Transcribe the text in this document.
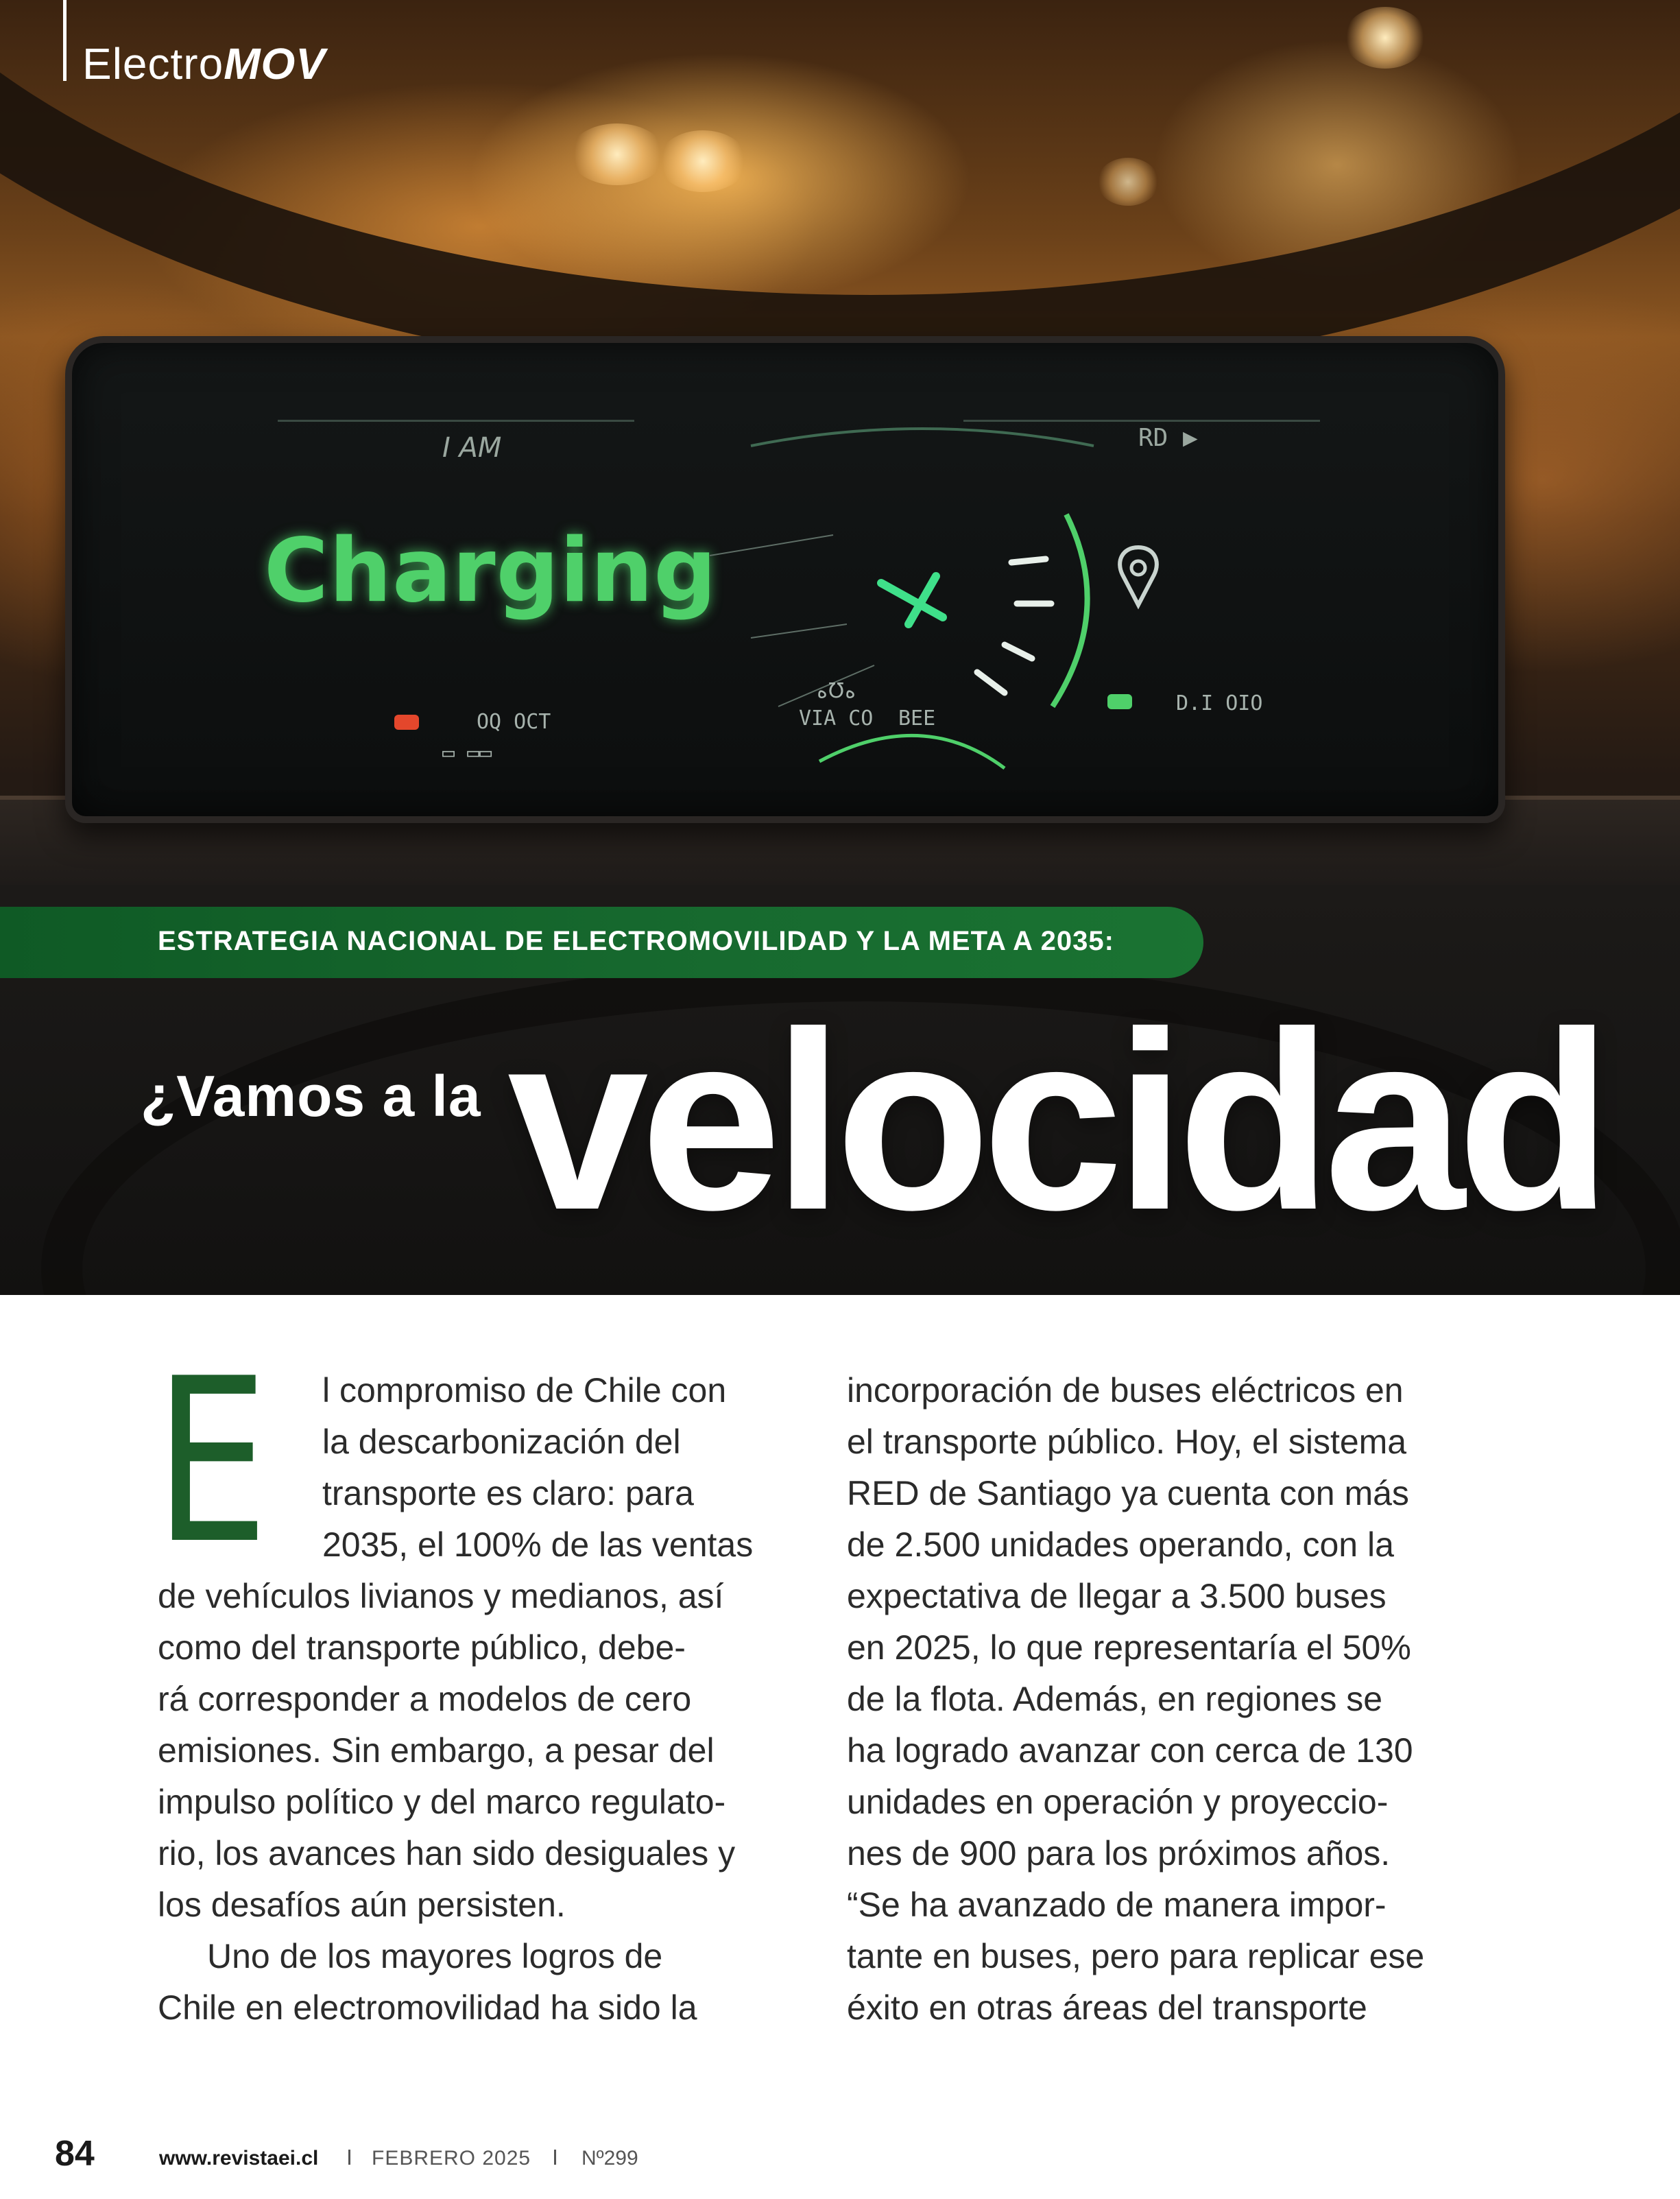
I AM	RD ▶
Charging
OQ OCT
▭ ▭▭
ﻩ℧ﻩ
VIA CO BEE
D.I OIO
ElectroMOV
ESTRATEGIA NACIONAL DE ELECTROMOVILIDAD Y LA META A 2035:
¿Vamos a la velocidad
E l compromiso de Chile con
la descarbonización del
transporte es claro: para
2035, el 100% de las ventas
de vehículos livianos y medianos, así
como del transporte público, debe-
rá corresponder a modelos de cero
emisiones. Sin embargo, a pesar del
impulso político y del marco regulato-
rio, los avances han sido desiguales y
los desafíos aún persisten.
Uno de los mayores logros de
Chile en electromovilidad ha sido la
incorporación de buses eléctricos en
el transporte público. Hoy, el sistema
RED de Santiago ya cuenta con más
de 2.500 unidades operando, con la
expectativa de llegar a 3.500 buses
en 2025, lo que representaría el 50%
de la flota. Además, en regiones se
ha logrado avanzar con cerca de 130
unidades en operación y proyeccio-
nes de 900 para los próximos años.
“Se ha avanzado de manera impor-
tante en buses, pero para replicar ese
éxito en otras áreas del transporte
84	www.revistaei.cl	FEBRERO 2025 Nº299
